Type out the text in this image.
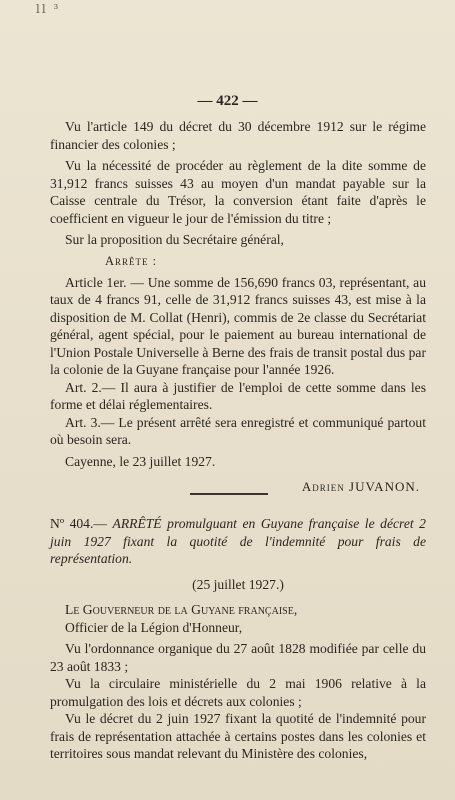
ll ³
— 422 —

Vu l'article 149 du décret du 30 décembre 1912 sur le régime financier des colonies ;

Vu la nécessité de procéder au règlement de la dite somme de 31,912 francs suisses 43 au moyen d'un mandat payable sur la Caisse centrale du Trésor, la conversion étant faite d'après le coefficient en vigueur le jour de l'émission du titre ;

Sur la proposition du Secrétaire général,

Arrête :

Article 1er. — Une somme de 156,690 francs 03, représentant, au taux de 4 francs 91, celle de 31,912 francs suisses 43, est mise à la disposition de M. Collat (Henri), commis de 2e classe du Secrétariat général, agent spécial, pour le paiement au bureau international de l'Union Postale Universelle à Berne des frais de transit postal dus par la colonie de la Guyane française pour l'année 1926.

Art. 2.— Il aura à justifier de l'emploi de cette somme dans les forme et délai réglementaires.

Art. 3.— Le présent arrêté sera enregistré et communiqué partout où besoin sera.

Cayenne, le 23 juillet 1927.

Adrien JUVANON.

Nº 404.— ARRÊTÉ promulguant en Guyane française le décret 2 juin 1927 fixant la quotité de l'indemnité pour frais de représentation.

(25 juillet 1927.)

Le Gouverneur de la Guyane française,

Officier de la Légion d'Honneur,

Vu l'ordonnance organique du 27 août 1828 modifiée par celle du 23 août 1833 ;

Vu la circulaire ministérielle du 2 mai 1906 relative à la promulgation des lois et décrets aux colonies ;

Vu le décret du 2 juin 1927 fixant la quotité de l'indemnité pour frais de représentation attachée à certains postes dans les colonies et territoires sous mandat relevant du Ministère des colonies,
